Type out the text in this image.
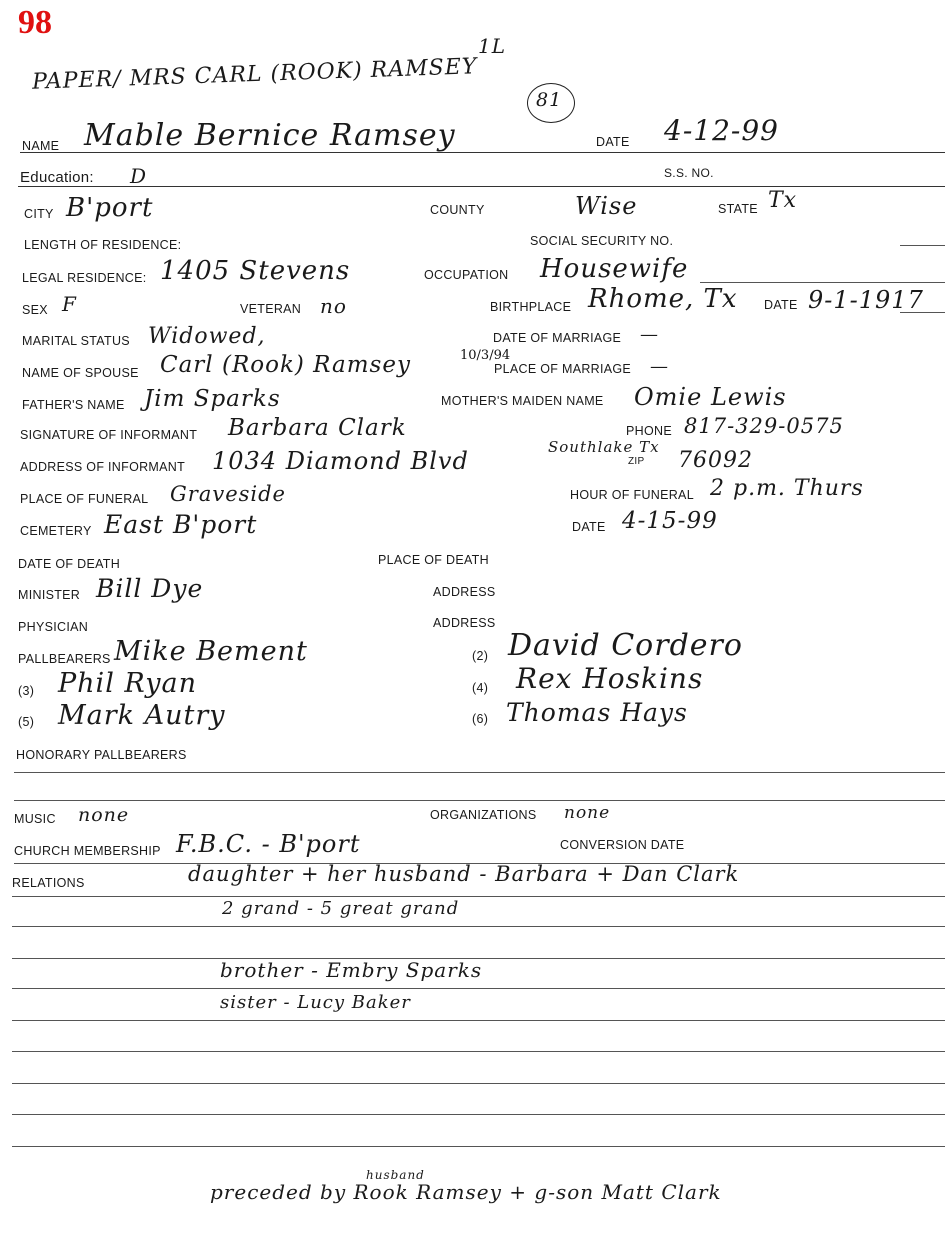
98
1L
PAPER/ MRS CARL (ROOK) RAMSEY
81
NAME Mable Bernice Ramsey	DATE 4-12-99
Education: D	S.S. NO.
CITY B'port	COUNTY	Wise	STATE Tx
LENGTH OF RESIDENCE:	SOCIAL SECURITY NO.
LEGAL RESIDENCE: 1405 Stevens	OCCUPATION Housewife
SEX F	VETERAN no	BIRTHPLACE Rhome, Tx DATE 9-1-1917
MARITAL STATUS Widowed,	DATE OF MARRIAGE —
10/3/94
NAME OF SPOUSE Carl (Rook) Ramsey	PLACE OF MARRIAGE —
FATHER'S NAME Jim Sparks	MOTHER'S MAIDEN NAME Omie Lewis
SIGNATURE OF INFORMANT Barbara Clark	PHONE 817-329-0575
ADDRESS OF INFORMANT 1034 Diamond Blvd	Southlake Tx
ZIP 76092
PLACE OF FUNERAL Graveside	HOUR OF FUNERAL 2 p.m. Thurs
CEMETERY East B'port	DATE 4-15-99
DATE OF DEATH	PLACE OF DEATH
MINISTER Bill Dye	ADDRESS
PHYSICIAN	ADDRESS
PALLBEARERS Mike Bement	(2) David Cordero
(3) Phil Ryan	(4) Rex Hoskins
(5) Mark Autry	(6) Thomas Hays
HONORARY PALLBEARERS
MUSIC none	ORGANIZATIONS none
CHURCH MEMBERSHIP F.B.C. - B'port	CONVERSION DATE
RELATIONS	daughter + her husband - Barbara + Dan Clark
2 grand - 5 great grand
brother - Embry Sparks
sister - Lucy Baker
husband
preceded by Rook Ramsey + g-son Matt Clark
